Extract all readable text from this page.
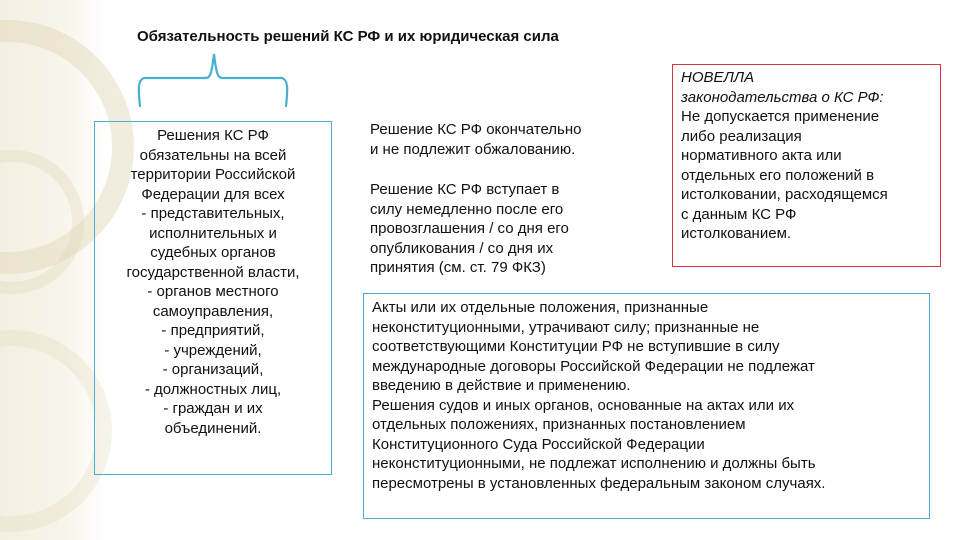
Обязательность решений КС РФ и их юридическая сила

Решения КС РФ

обязательны на всей

территории Российской

Федерации для всех

- представительных,

исполнительных и

судебных органов

государственной власти,

- органов местного

самоуправления,

- предприятий,

- учреждений,

- организаций,

- должностных лиц,

- граждан и их

объединений.

Решение КС РФ окончательно

и не подлежит обжалованию.

Решение КС РФ вступает в

силу немедленно после его

провозглашения / со дня его

опубликования / со дня их

принятия (см. ст. 79 ФКЗ)

НОВЕЛЛА

законодательства о КС РФ:

Не допускается применение

либо реализация

нормативного акта или

отдельных его положений в

истолковании, расходящемся

с данным КС РФ

истолкованием.

Акты или их отдельные положения, признанные

неконституционными, утрачивают силу; признанные не

соответствующими Конституции РФ не вступившие в силу

международные договоры Российской Федерации не подлежат

введению в действие и применению.

Решения судов и иных органов, основанные на актах или их

отдельных положениях, признанных постановлением

Конституционного Суда Российской Федерации

неконституционными, не подлежат исполнению и должны быть

пересмотрены в установленных федеральным законом случаях.
